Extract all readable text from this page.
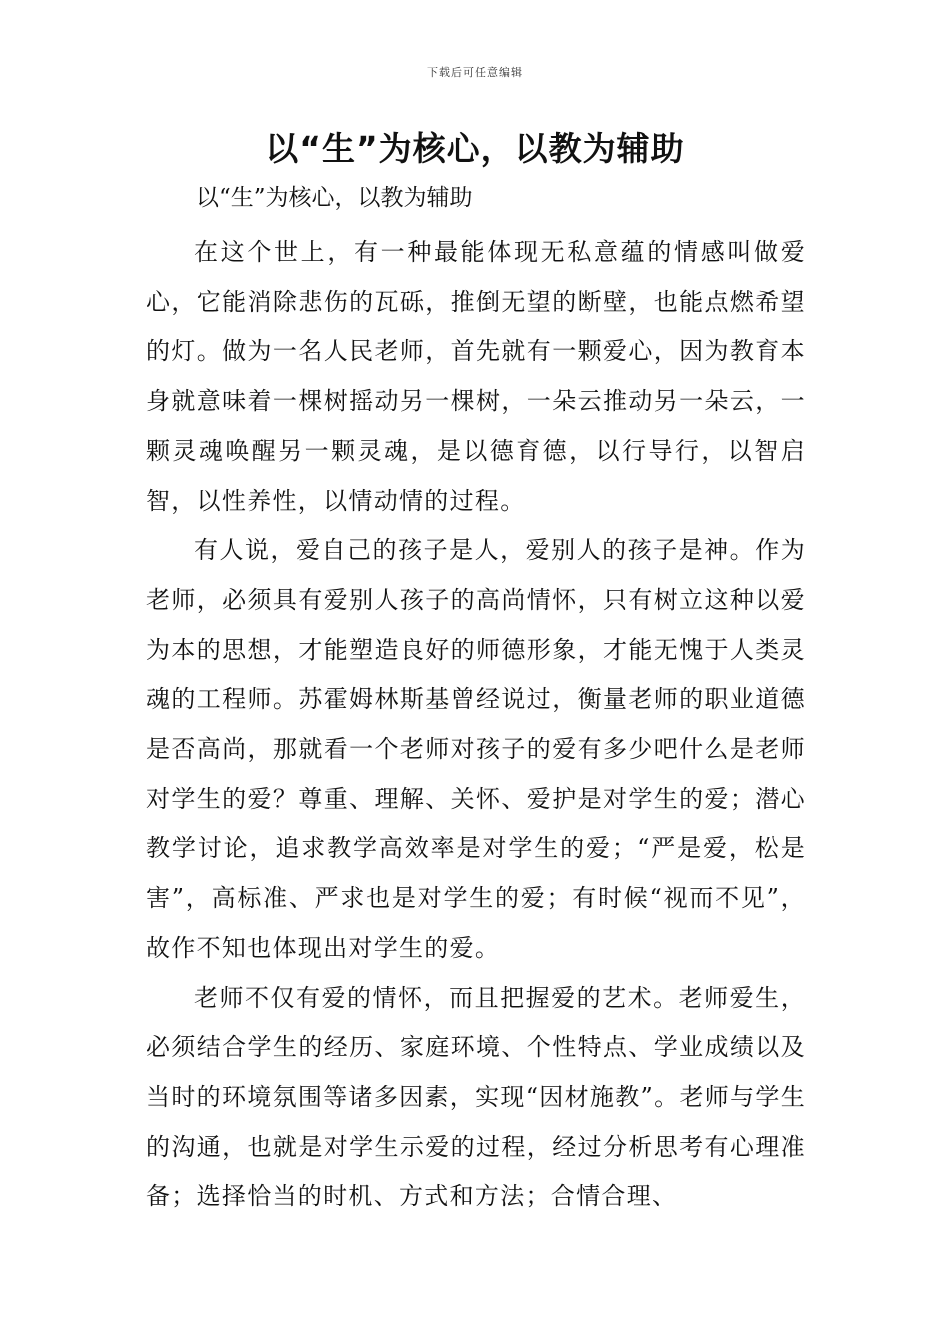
下载后可任意编辑
以“生”为核心，以教为辅助

以“生”为核心，以教为辅助

在这个世上，有一种最能体现无私意蕴的情感叫做爱心，它能消除悲伤的瓦砾，推倒无望的断壁，也能点燃希望的灯。做为一名人民老师，首先就有一颗爱心，因为教育本身就意味着一棵树摇动另一棵树，一朵云推动另一朵云，一颗灵魂唤醒另一颗灵魂，是以德育德，以行导行，以智启智，以性养性，以情动情的过程。

有人说，爱自己的孩子是人，爱别人的孩子是神。作为老师，必须具有爱别人孩子的高尚情怀，只有树立这种以爱为本的思想，才能塑造良好的师德形象，才能无愧于人类灵魂的工程师。苏霍姆林斯基曾经说过，衡量老师的职业道德是否高尚，那就看一个老师对孩子的爱有多少吧什么是老师对学生的爱？尊重、理解、关怀、爱护是对学生的爱；潜心教学讨论，追求教学高效率是对学生的爱；“严是爱，松是害”，高标准、严求也是对学生的爱；有时候“视而不见”，故作不知也体现出对学生的爱。

老师不仅有爱的情怀，而且把握爱的艺术。老师爱生，必须结合学生的经历、家庭环境、个性特点、学业成绩以及当时的环境氛围等诸多因素，实现“因材施教”。老师与学生的沟通，也就是对学生示爱的过程，经过分析思考有心理准备；选择恰当的时机、方式和方法；合情合理、
